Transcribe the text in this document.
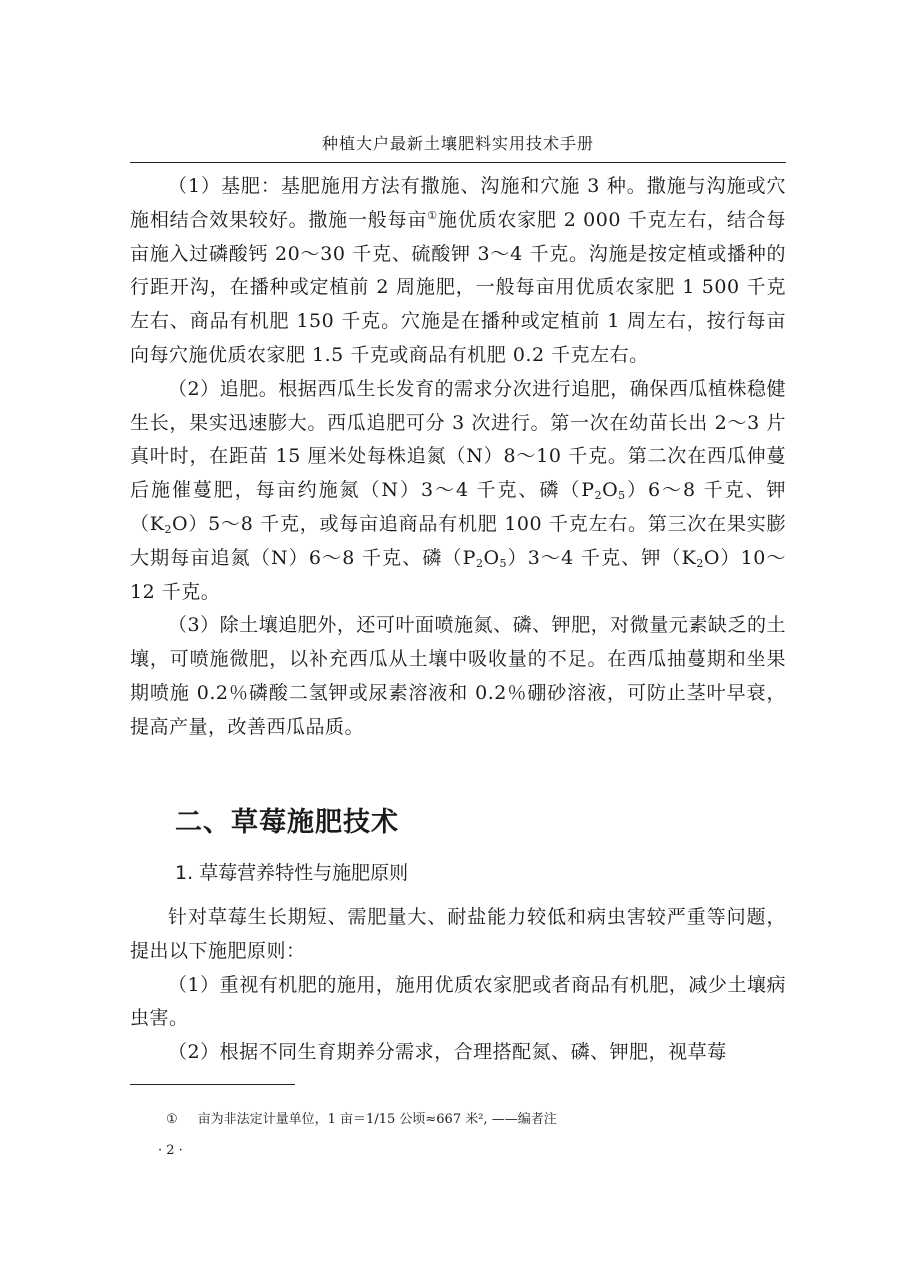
种植大户最新土壤肥料实用技术手册

（1）基肥：基肥施用方法有撒施、沟施和穴施 3 种。撒施与沟施或穴施相结合效果较好。撒施一般每亩①施优质农家肥 2 000 千克左右，结合每亩施入过磷酸钙 20～30 千克、硫酸钾 3～4 千克。沟施是按定植或播种的行距开沟，在播种或定植前 2 周施肥，一般每亩用优质农家肥 1 500 千克左右、商品有机肥 150 千克。穴施是在播种或定植前 1 周左右，按行每亩向每穴施优质农家肥 1.5 千克或商品有机肥 0.2 千克左右。

（2）追肥。根据西瓜生长发育的需求分次进行追肥，确保西瓜植株稳健生长，果实迅速膨大。西瓜追肥可分 3 次进行。第一次在幼苗长出 2～3 片真叶时，在距苗 15 厘米处每株追氮（N）8～10 千克。第二次在西瓜伸蔓后施催蔓肥，每亩约施氮（N）3～4 千克、磷$(P_2O_5)6\sim 8$ 千克、钾$(K_2O)5\sim 8$ 千克，或每亩追商品有机肥 100 千克左右。第三次在果实膨大期每亩追氮（N）6～8 千克、磷$(P_2O_5)3\sim 4$ 千克、钾$(K_2O)10\sim 12$ 千克。

（3）除土壤追肥外，还可叶面喷施氮、磷、钾肥，对微量元素缺乏的土壤，可喷施微肥，以补充西瓜从土壤中吸收量的不足。在西瓜抽蔓期和坐果期喷施 0.2％磷酸二氢钾或尿素溶液和 0.2％硼砂溶液，可防止茎叶早衰，提高产量，改善西瓜品质。

二、草莓施肥技术
1. 草莓营养特性与施肥原则

针对草莓生长期短、需肥量大、耐盐能力较低和病虫害较严重等问题，提出以下施肥原则：

（1）重视有机肥的施用，施用优质农家肥或者商品有机肥，减少土壤病虫害。

（2）根据不同生育期养分需求，合理搭配氮、磷、钾肥，视草莓

① 亩为非法定计量单位，1 亩＝1/15 公顷≈667 米², ——编者注
· 2 ·
